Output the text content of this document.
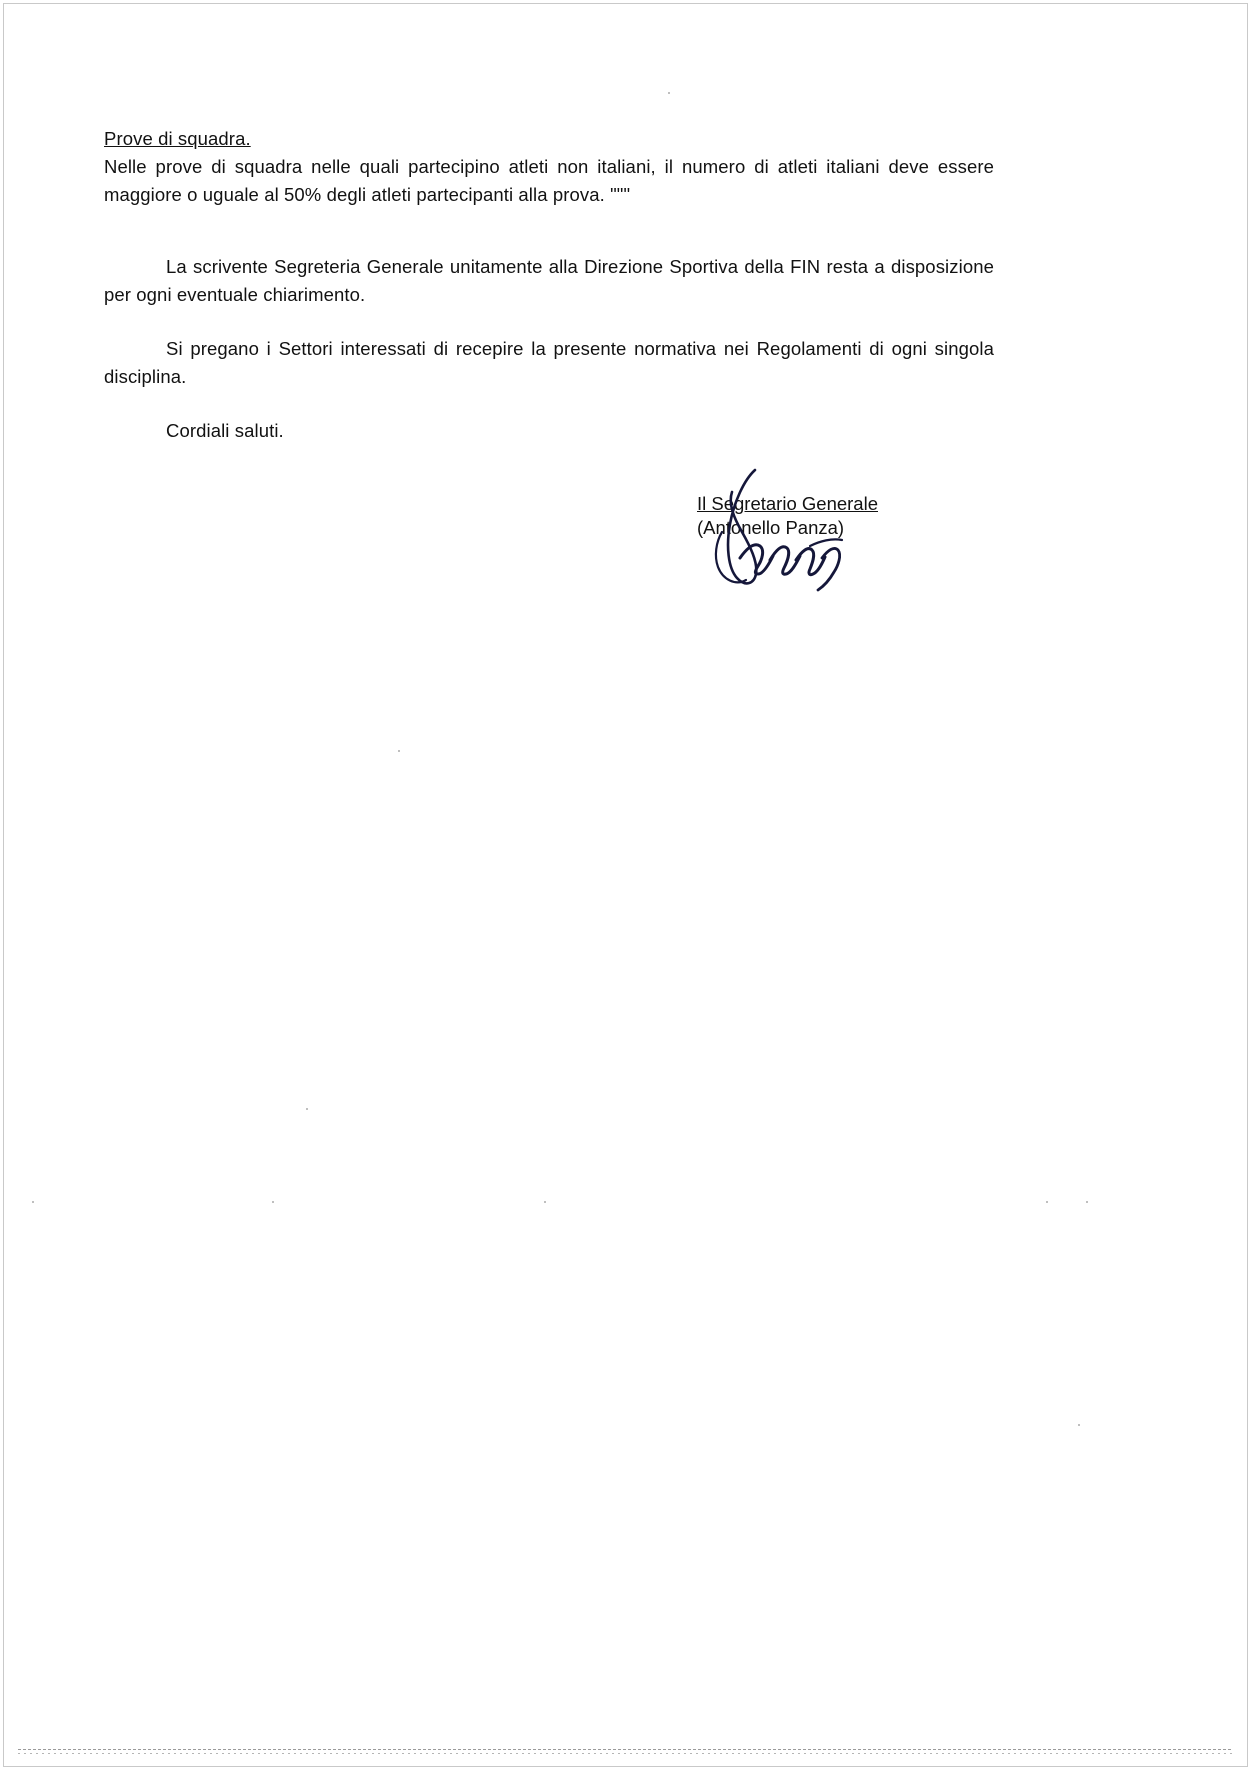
Prove di squadra.

Nelle prove di squadra nelle quali partecipino atleti non italiani, il numero di atleti italiani deve essere maggiore o uguale al 50% degli atleti partecipanti alla prova. """

La scrivente Segreteria Generale unitamente alla Direzione Sportiva della FIN resta a disposizione per ogni eventuale chiarimento.

Si pregano i Settori interessati di recepire la presente normativa nei Regolamenti di ogni singola disciplina.

Cordiali saluti.

Il Segretario Generale
(Antonello Panza)
